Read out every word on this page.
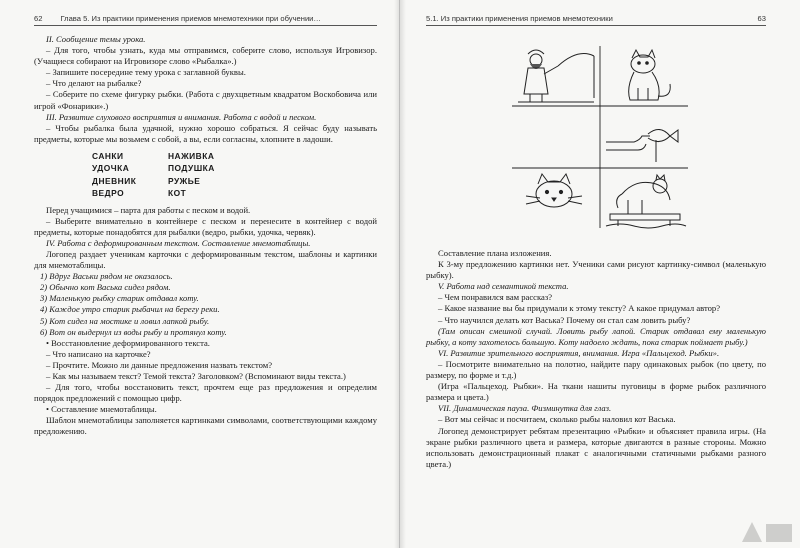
62	Глава 5. Из практики применения приемов мнемотехники при обучении…

II. Сообщение темы урока.

– Для того, чтобы узнать, куда мы отправимся, соберите слово, используя Игровизор. (Учащиеся собирают на Игровизоре слово «Рыбалка».)

– Запишите посередине тему урока с заглавной буквы.

– Что делают на рыбалке?

– Соберите по схеме фигурку рыбки. (Работа с двухцветным квадратом Воскобовича или игрой «Фонарики».)

III. Развитие слухового восприятия и внимания. Работа с водой и песком.

– Чтобы рыбалка была удачной, нужно хорошо собраться. Я сейчас буду называть предметы, которые мы возьмем с собой, а вы, если согласны, хлопните в ладоши.

САНКИ	НАЖИВКА
УДОЧКА	ПОДУШКА
ДНЕВНИК	РУЖЬЕ
ВЕДРО	КОТ

Перед учащимися – парта для работы с песком и водой.

– Выберите внимательно в контейнере с песком и перенесите в контейнер с водой предметы, которые понадобятся для рыбалки (ведро, рыбки, удочка, червяк).

IV. Работа с деформированным текстом. Составление мнемотаблицы.

Логопед раздает ученикам карточки с деформированным текстом, шаблоны и картинки для мнемотаблицы.

1) Вдруг Васьки рядом не оказалось.
2) Обычно кот Васька сидел рядом.
3) Маленькую рыбку старик отдавал коту.
4) Каждое утро старик рыбачил на берегу реки.
5) Кот сидел на мостике и ловил лапкой рыбу.
6) Вот он выдернул из воды рыбу и протянул коту.

• Восстановление деформированного текста.

– Что написано на карточке?

– Прочтите. Можно ли данные предложения назвать текстом?

– Как мы называем текст? Темой текста? Заголовком? (Вспоминают виды текста.)

– Для того, чтобы восстановить текст, прочтем еще раз предложения и определим порядок предложений с помощью цифр.

• Составление мнемотаблицы.

Шаблон мнемотаблицы заполняется картинками символами, соответствующими каждому предложению.

5.1. Из практики применения приемов мнемотехники	63

Составление плана изложения.

К 3-му предложению картинки нет. Ученики сами рисуют картинку-символ (маленькую рыбку).

V. Работа над семантикой текста.

– Чем понравился вам рассказ?

– Какое название вы бы придумали к этому тексту? А какое придумал автор?

– Что научился делать кот Васька? Почему он стал сам ловить рыбу?

(Там описан смешной случай. Ловить рыбу лапой. Старик отдавал ему маленькую рыбку, а коту захотелось большую. Коту надоело ждать, пока старик поймает рыбу.)

VI. Развитие зрительного восприятия, внимания. Игра «Пальцеход. Рыбки».

– Посмотрите внимательно на полотно, найдите пару одинаковых рыбок (по цвету, по размеру, по форме и т.д.)

(Игра «Пальцеход. Рыбки». На ткани нашиты пуговицы в форме рыбок различного размера и цвета.)

VII. Динамическая пауза. Физминутка для глаз.

– Вот мы сейчас и посчитаем, сколько рыбы наловил кот Васька.

Логопед демонстрирует ребятам презентацию «Рыбки» и объясняет правила игры. (На экране рыбки различного цвета и размера, которые двигаются в разные стороны. Можно использовать демонстрационный плакат с аналогичными статичными рыбками разного цвета.)
